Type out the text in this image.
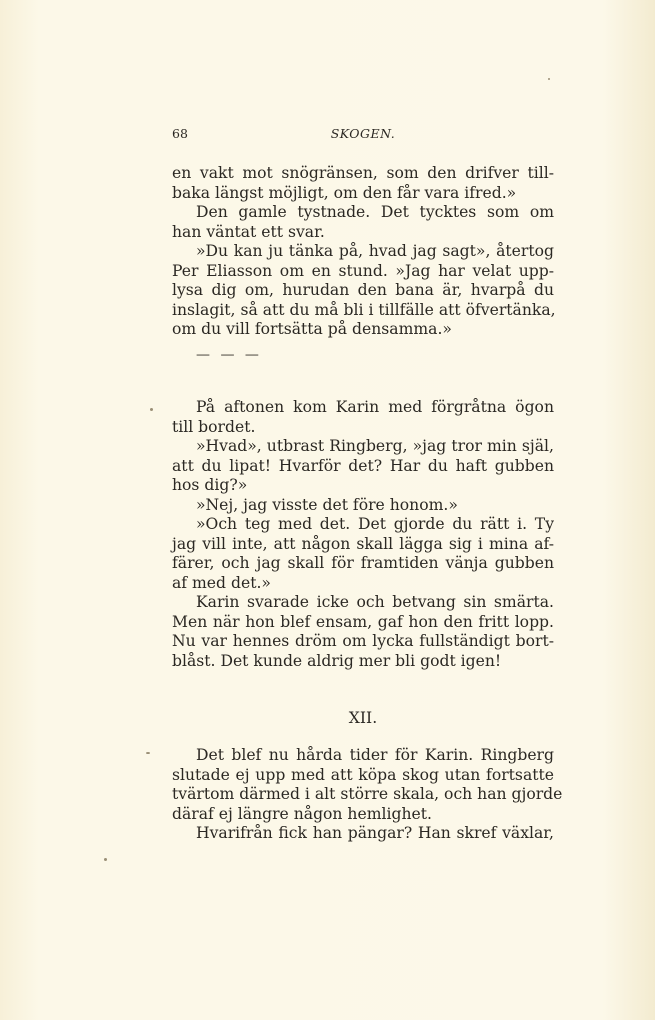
68	SKOGEN.
en vakt mot snögränsen, som den drifver till-
baka längst möjligt, om den får vara ifred.»
Den gamle tystnade. Det tycktes som om
han väntat ett svar.
»Du kan ju tänka på, hvad jag sagt», återtog
Per Eliasson om en stund. »Jag har velat upp-
lysa dig om, hurudan den bana är, hvarpå du
inslagit, så att du må bli i tillfälle att öfvertänka,
om du vill fortsätta på densamma.»
— — —
På aftonen kom Karin med förgråtna ögon
till bordet.
»Hvad», utbrast Ringberg, »jag tror min själ,
att du lipat! Hvarför det? Har du haft gubben
hos dig?»
»Nej, jag visste det före honom.»
»Och teg med det. Det gjorde du rätt i. Ty
jag vill inte, att någon skall lägga sig i mina af-
färer, och jag skall för framtiden vänja gubben
af med det.»
Karin svarade icke och betvang sin smärta.
Men när hon blef ensam, gaf hon den fritt lopp.
Nu var hennes dröm om lycka fullständigt bort-
blåst. Det kunde aldrig mer bli godt igen!
XII.
Det blef nu hårda tider för Karin. Ringberg
slutade ej upp med att köpa skog utan fortsatte
tvärtom därmed i alt större skala, och han gjorde
däraf ej längre någon hemlighet.
Hvarifrån fick han pängar? Han skref växlar,
